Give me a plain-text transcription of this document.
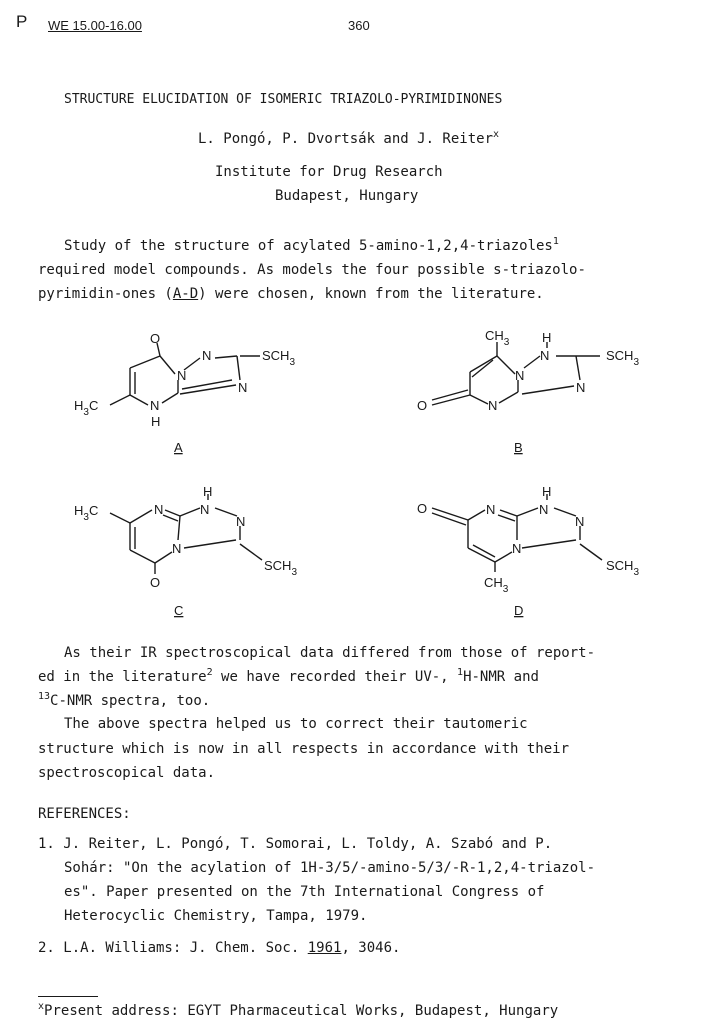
P WE 15.00-16.00	360
STRUCTURE ELUCIDATION OF ISOMERIC TRIAZOLO-PYRIMIDINONES
L. Pongó, P. Dvortsák and J. Reiter$^x$
Institute for Drug Research
Budapest, Hungary
Study of the structure of acylated 5-amino-1,2,4-triazoles$^1$
required model compounds. As models the four possible s-triazolo-
pyrimidin-ones (A-D) were chosen, known from the literature.
O
N
N
N
N
H
$SCH_3$
$H_3C$
A
$CH_3$	H
N
N
N
N
$SCH_3$
O
B
$H_3C$
H
N	N
N
N
O
$SCH_3$
C
O
H
N	N
N
N
$CH_3$
$SCH_3$
D
As their IR spectroscopical data differed from those of report-
ed in the literature$^2$ we have recorded their UV-, $^1$H-NMR and
$^{13}$C-NMR spectra, too.
The above spectra helped us to correct their tautomeric
structure which is now in all respects in accordance with their
spectroscopical data.
REFERENCES:
1. J. Reiter, L. Pongó, T. Somorai, L. Toldy, A. Szabó and P.
Sohár: "On the acylation of 1H-3/5/-amino-5/3/-R-1,2,4-triazol-
es". Paper presented on the 7th International Congress of
Heterocyclic Chemistry, Tampa, 1979.
2. L.A. Williams: J. Chem. Soc. 1961, 3046.
$^x$Present address: EGYT Pharmaceutical Works, Budapest, Hungary
